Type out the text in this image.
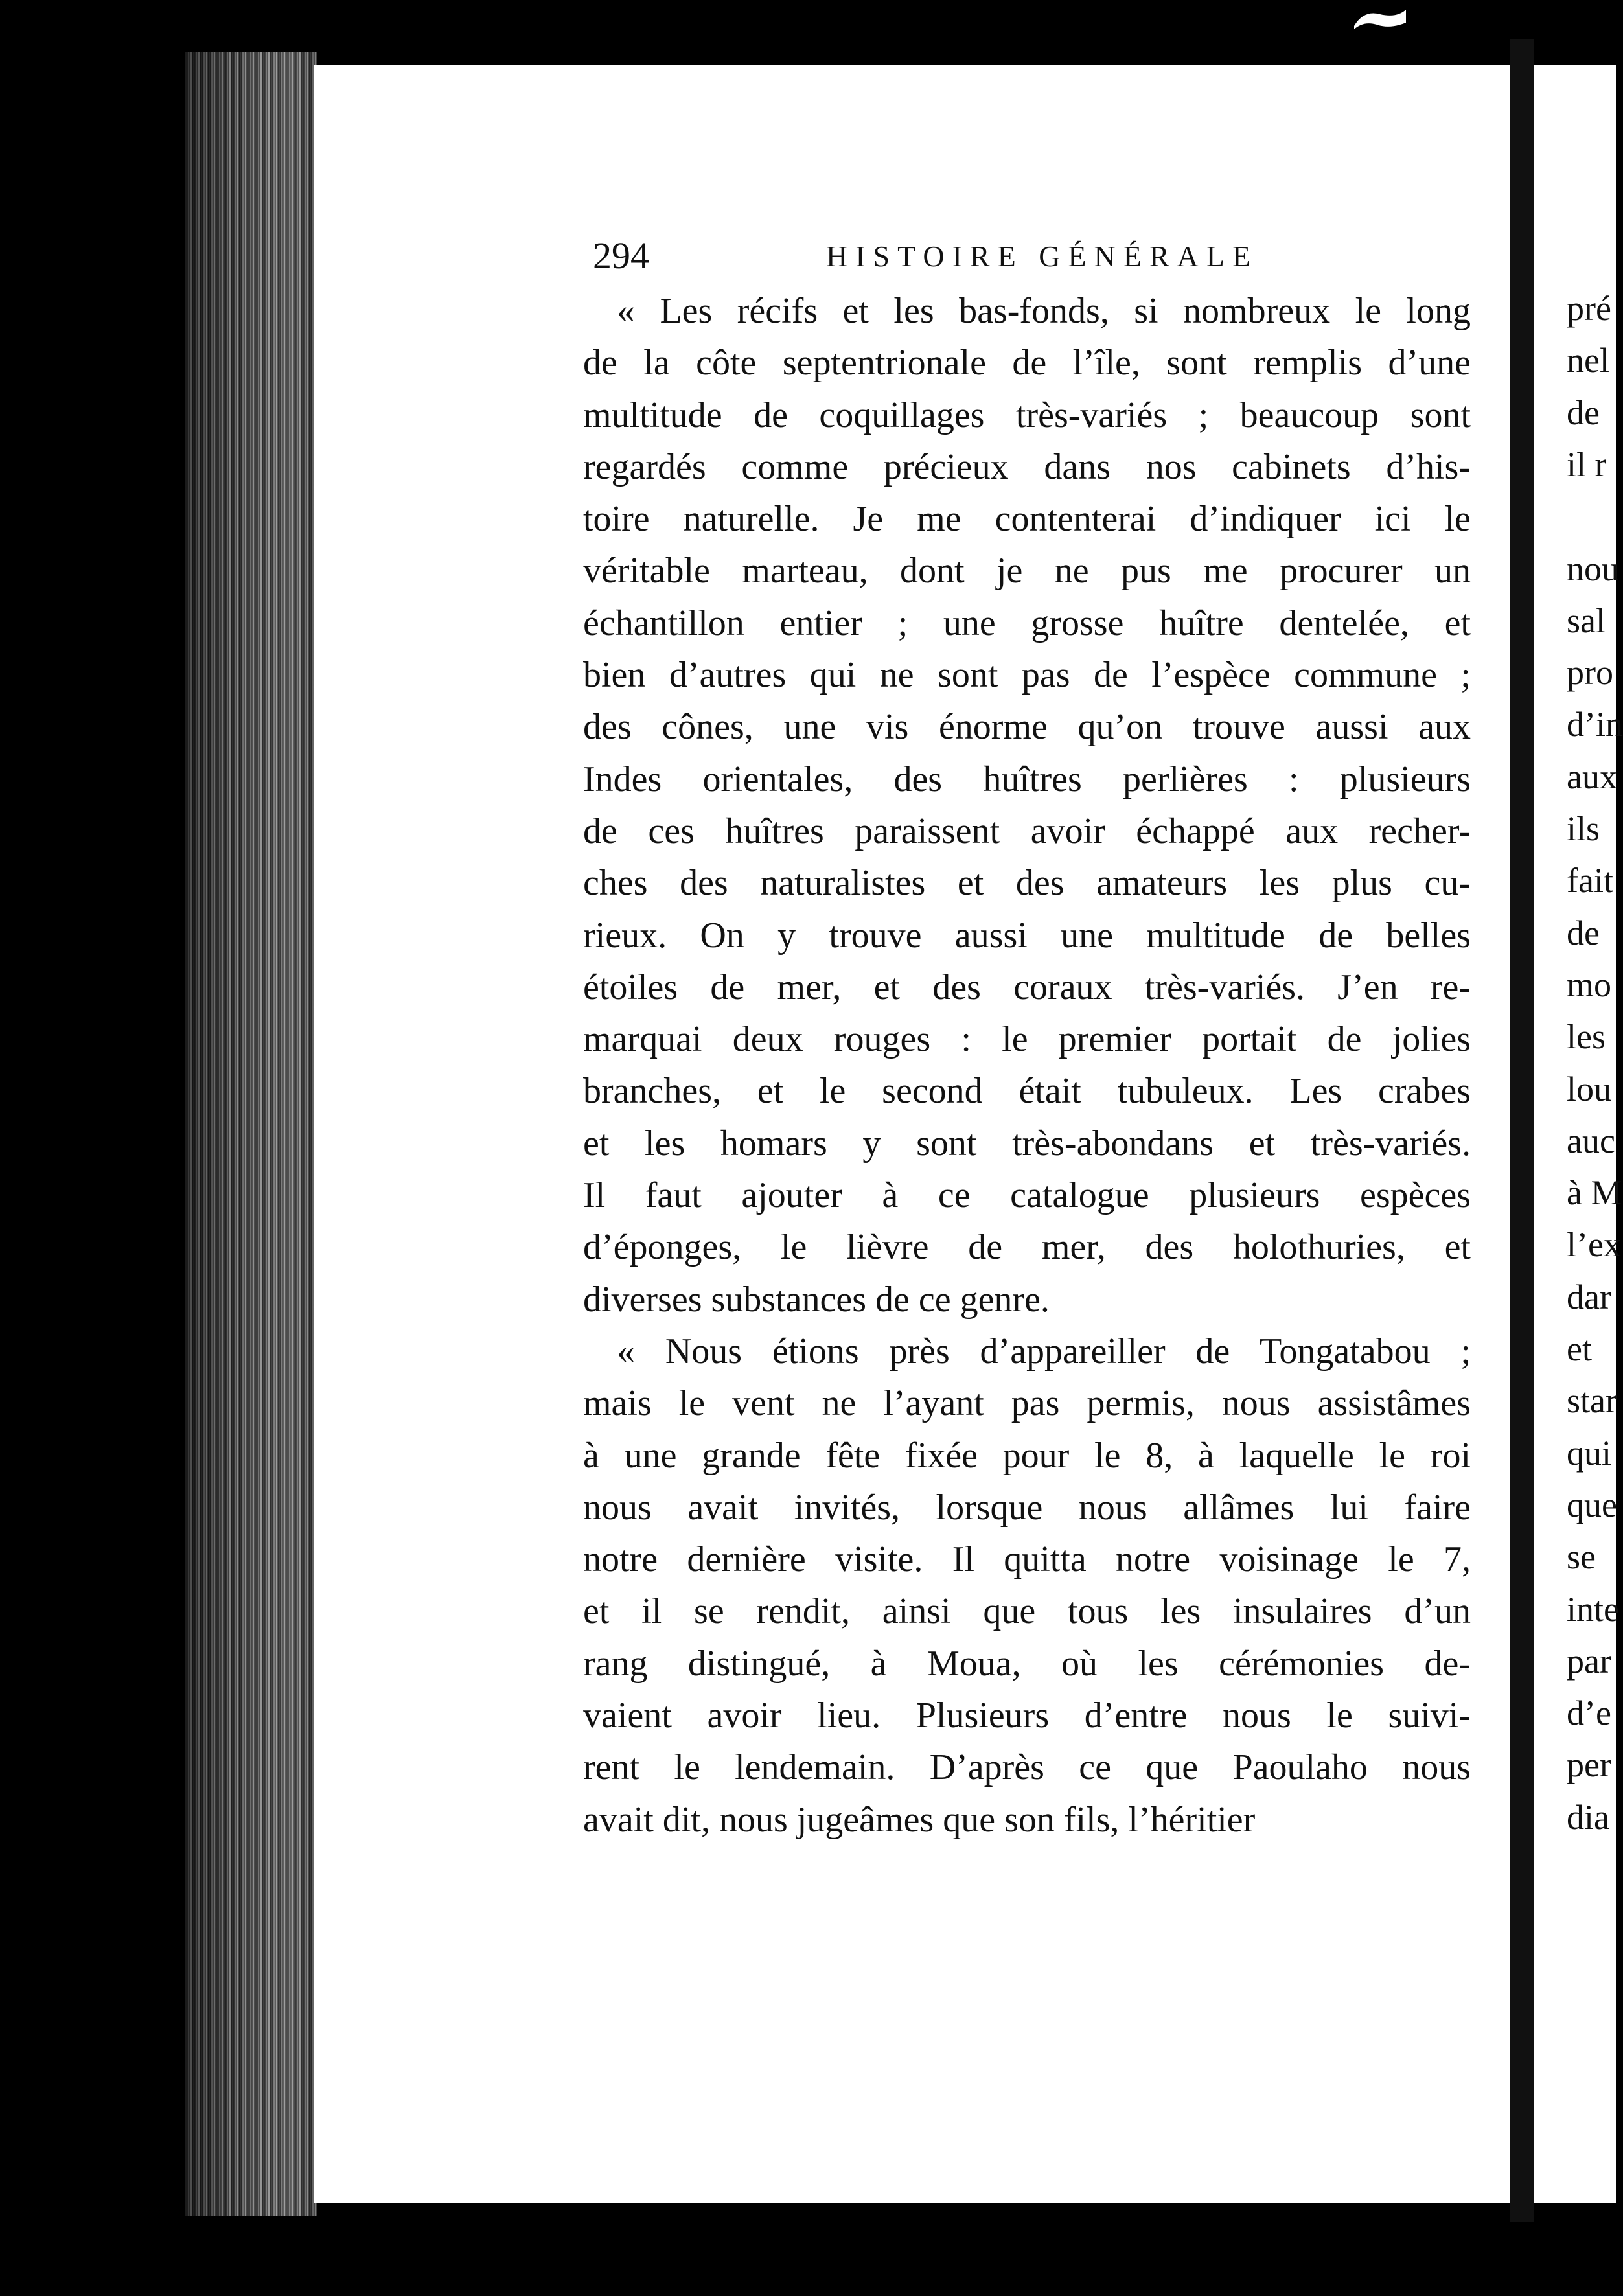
pré
nel
de
il r
nou
sal
pro
d’in
aux
ils
fait
de
mo
les
lou
auc
à M
l’ex
dar
et
star
qui
que
se
inte
par
d’e
per
dia
294	HISTOIRE GÉNÉRALE
« Les récifs et les bas-fonds, si nombreux le long
de la côte septentrionale de l’île, sont remplis d’une
multitude de coquillages très-variés ; beaucoup sont
regardés comme précieux dans nos cabinets d’his-
toire naturelle. Je me contenterai d’indiquer ici le
véritable marteau, dont je ne pus me procurer un
échantillon entier ; une grosse huître dentelée, et
bien d’autres qui ne sont pas de l’espèce commune ;
des cônes, une vis énorme qu’on trouve aussi aux
Indes orientales, des huîtres perlières : plusieurs
de ces huîtres paraissent avoir échappé aux recher-
ches des naturalistes et des amateurs les plus cu-
rieux. On y trouve aussi une multitude de belles
étoiles de mer, et des coraux très-variés. J’en re-
marquai deux rouges : le premier portait de jolies
branches, et le second était tubuleux. Les crabes
et les homars y sont très-abondans et très-variés.
Il faut ajouter à ce catalogue plusieurs espèces
d’éponges, le lièvre de mer, des holothuries, et
diverses substances de ce genre.
« Nous étions près d’appareiller de Tongatabou ;
mais le vent ne l’ayant pas permis, nous assistâmes
à une grande fête fixée pour le 8, à laquelle le roi
nous avait invités, lorsque nous allâmes lui faire
notre dernière visite. Il quitta notre voisinage le 7,
et il se rendit, ainsi que tous les insulaires d’un
rang distingué, à Moua, où les cérémonies de-
vaient avoir lieu. Plusieurs d’entre nous le suivi-
rent le lendemain. D’après ce que Paoulaho nous
avait dit, nous jugeâmes que son fils, l’héritier
